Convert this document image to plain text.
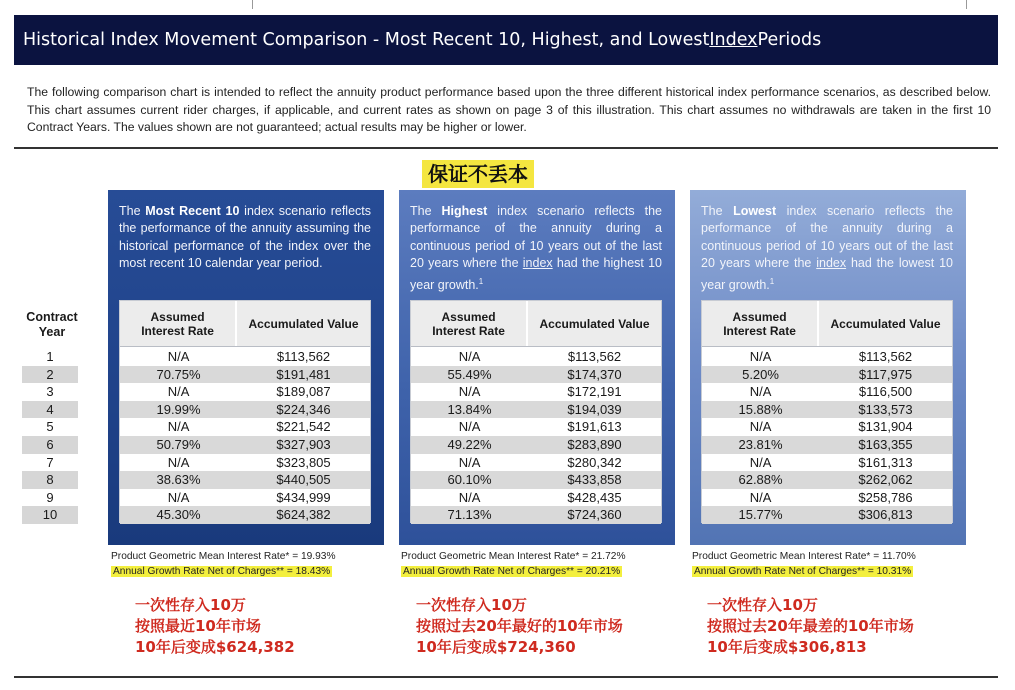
Historical Index Movement Comparison - Most Recent 10, Highest, and Lowest Index Periods
The following comparison chart is intended to reflect the annuity product performance based upon the three different historical index performance scenarios, as described below. This chart assumes current rider charges, if applicable, and current rates as shown on page 3 of this illustration. This chart assumes no withdrawals are taken in the first 10 Contract Years. The values shown are not guaranteed; actual results may be higher or lower.
保证不丢本
Contract
Year
1
2
3
4
5
6
7
8
9
10
The Most Recent 10 index scenario reflects the performance of the annuity assuming the historical performance of the index over the most recent 10 calendar year period.
Assumed
Interest Rate	Accumulated Value
N/A	$113,562
70.75%	$191,481
N/A	$189,087
19.99%	$224,346
N/A	$221,542
50.79%	$327,903
N/A	$323,805
38.63%	$440,505
N/A	$434,999
45.30%	$624,382
The Highest index scenario reflects the performance of the annuity during a continuous period of 10 years out of the last 20 years where the index had the highest 10 year growth.$^1$
Assumed
Interest Rate	Accumulated Value
N/A	$113,562
55.49%	$174,370
N/A	$172,191
13.84%	$194,039
N/A	$191,613
49.22%	$283,890
N/A	$280,342
60.10%	$433,858
N/A	$428,435
71.13%	$724,360
The Lowest index scenario reflects the performance of the annuity during a continuous period of 10 years out of the last 20 years where the index had the lowest 10 year growth.$^1$
Assumed
Interest Rate	Accumulated Value
N/A	$113,562
5.20%	$117,975
N/A	$116,500
15.88%	$133,573
N/A	$131,904
23.81%	$163,355
N/A	$161,313
62.88%	$262,062
N/A	$258,786
15.77%	$306,813
Product Geometric Mean Interest Rate* = 19.93%
Annual Growth Rate Net of Charges** = 18.43%
Product Geometric Mean Interest Rate* = 21.72%
Annual Growth Rate Net of Charges** = 20.21%
Product Geometric Mean Interest Rate* = 11.70%
Annual Growth Rate Net of Charges** = 10.31%
一次性存入10万
按照最近10年市场
10年后变成$624,382
一次性存入10万
按照过去20年最好的10年市场
10年后变成$724,360
一次性存入10万
按照过去20年最差的10年市场
10年后变成$306,813
